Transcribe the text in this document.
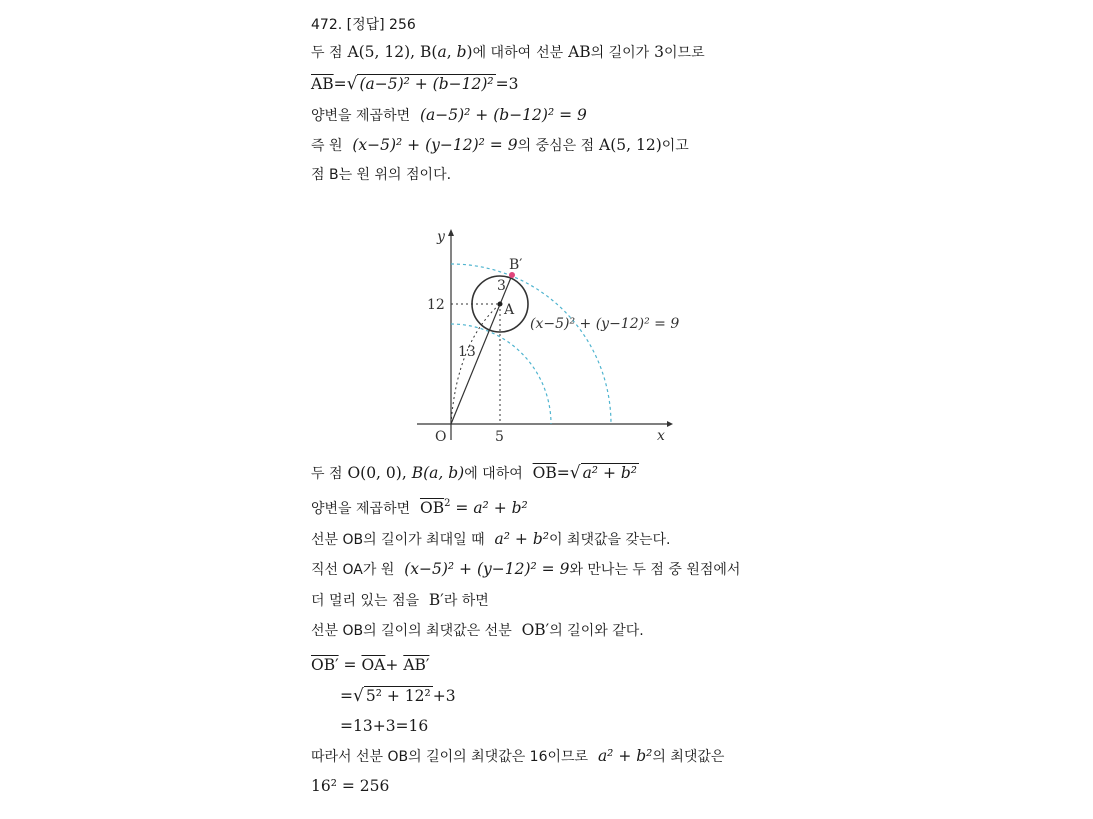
472. [정답] 256
두 점 A(5, 12), B(a, b)에 대하여 선분 AB의 길이가 3이므로
$\overline{AB}=√$ (a−5)² + (b−12)² =3
양변을 제곱하면 (a−5)² + (b−12)² = 9
즉 원 (x−5)² + (y−12)² = 9의 중심은 점 A(5, 12)이고
점 B는 원 위의 점이다.
y
x
O	5
12
B′
3
A
13
(x−5)² + (y−12)² = 9
두 점 O(0, 0), B(a, b)에 대하여 $\overline{OB}=√$ a² + b²
양변을 제곱하면 $\overline{OB}^2 = a^2 + b^2$
선분 OB의 길이가 최대일 때 a² + b²이 최댓값을 갖는다.
직선 OA가 원 (x−5)² + (y−12)² = 9와 만나는 두 점 중 원점에서
더 멀리 있는 점을 B′라 하면
선분 OB의 길이의 최댓값은 선분 OB′의 길이와 같다.
$OB' = \overline{OA}+ AB'$
=√ 5² + 12² +3
=13+3=16
따라서 선분 OB의 길이의 최댓값은 16이므로 a² + b²의 최댓값은
16² = 256
